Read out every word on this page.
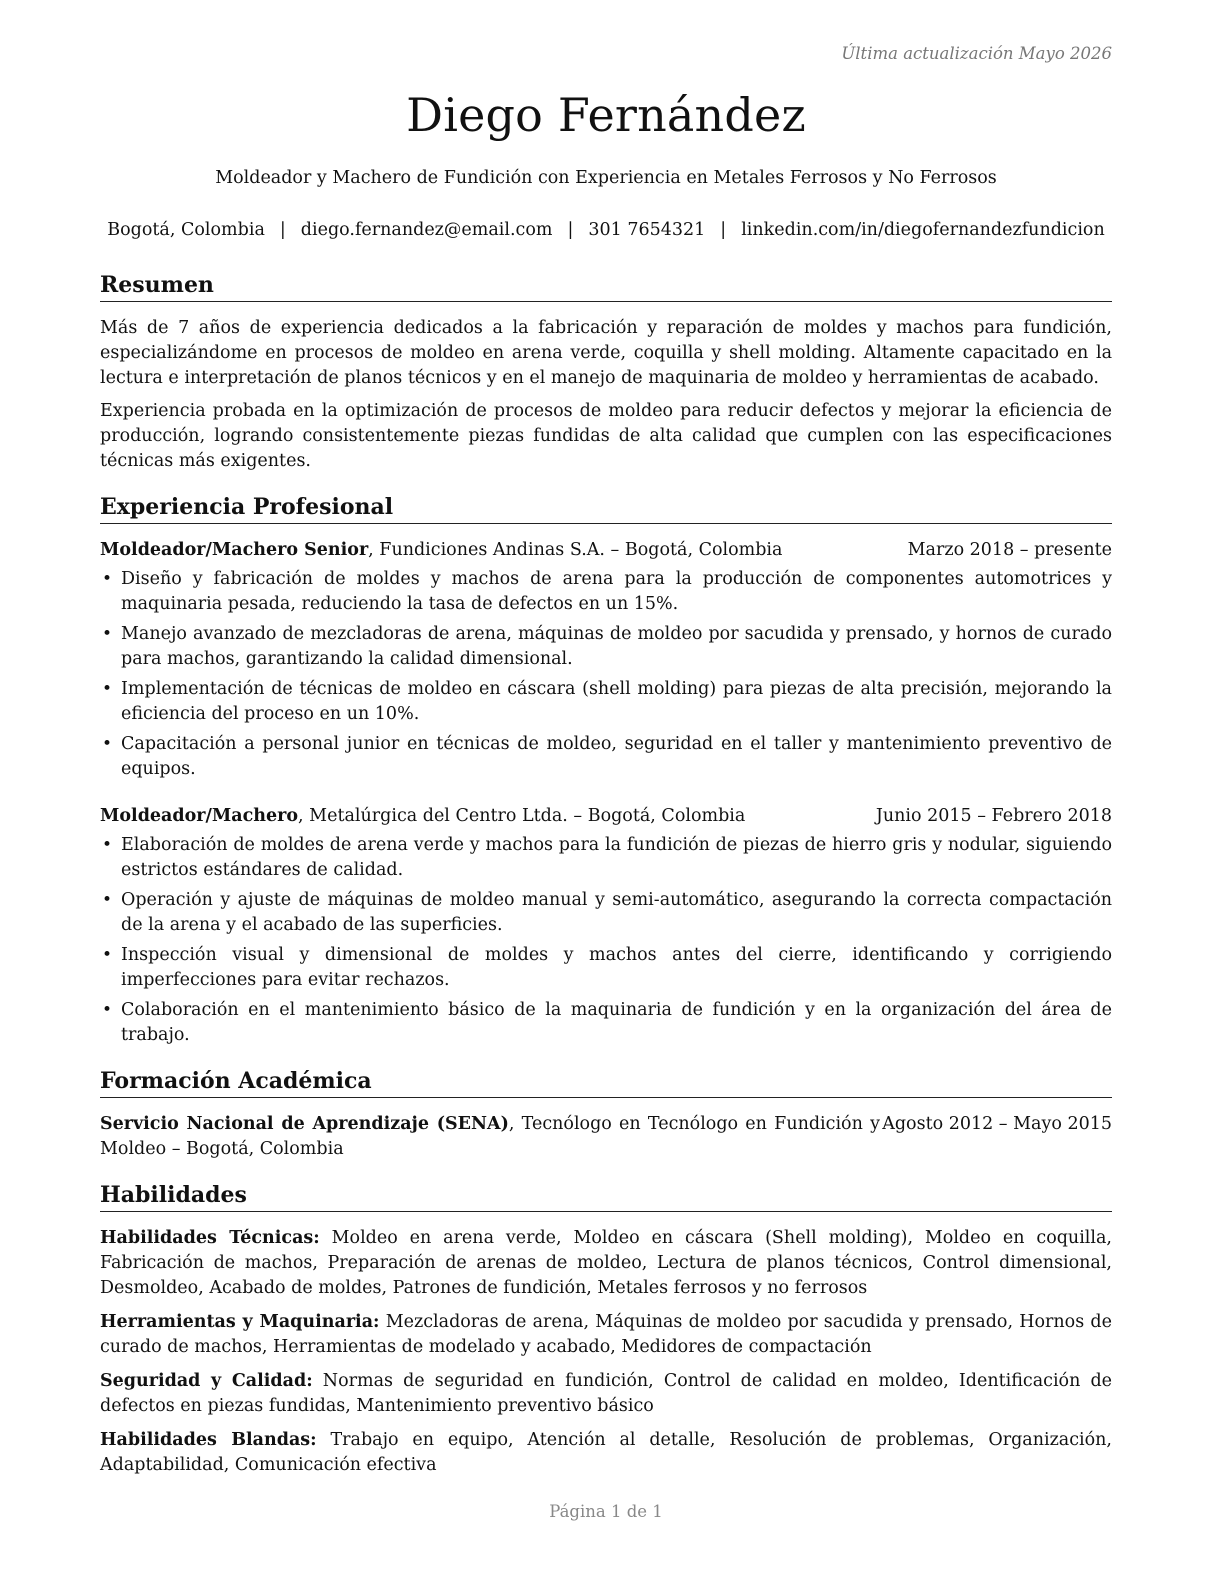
Última actualización Mayo 2026
Diego Fernández
Moldeador y Machero de Fundición con Experiencia en Metales Ferrosos y No Ferrosos
Bogotá, Colombia | diego.fernandez@email.com | 301 7654321 | linkedin.com/in/diegofernandezfundicion
Resumen

Más de 7 años de experiencia dedicados a la fabricación y reparación de moldes y machos para fundición, especializándome en procesos de moldeo en arena verde, coquilla y shell molding. Altamente capacitado en la lectura e interpretación de planos técnicos y en el manejo de maquinaria de moldeo y herramientas de acabado.

Experiencia probada en la optimización de procesos de moldeo para reducir defectos y mejorar la eficiencia de producción, logrando consistentemente piezas fundidas de alta calidad que cumplen con las especificaciones técnicas más exigentes.

Experiencia Profesional
Moldeador/Machero Senior, Fundiciones Andinas S.A. – Bogotá, Colombia	Marzo 2018 – presente
• Diseño y fabricación de moldes y machos de arena para la producción de componentes automotrices y maquinaria pesada, reduciendo la tasa de defectos en un 15%.
• Manejo avanzado de mezcladoras de arena, máquinas de moldeo por sacudida y prensado, y hornos de curado para machos, garantizando la calidad dimensional.
• Implementación de técnicas de moldeo en cáscara (shell molding) para piezas de alta precisión, mejorando la eficiencia del proceso en un 10%.
• Capacitación a personal junior en técnicas de moldeo, seguridad en el taller y mantenimiento preventivo de equipos.
Moldeador/Machero, Metalúrgica del Centro Ltda. – Bogotá, Colombia	Junio 2015 – Febrero 2018
• Elaboración de moldes de arena verde y machos para la fundición de piezas de hierro gris y nodular, siguiendo estrictos estándares de calidad.
• Operación y ajuste de máquinas de moldeo manual y semi-automático, asegurando la correcta compactación de la arena y el acabado de las superficies.
• Inspección visual y dimensional de moldes y machos antes del cierre, identificando y corrigiendo imperfecciones para evitar rechazos.
• Colaboración en el mantenimiento básico de la maquinaria de fundición y en la organización del área de trabajo.
Formación Académica
Servicio Nacional de Aprendizaje (SENA), Tecnólogo en Tecnólogo en Fundición y Moldeo – Bogotá, Colombia
Agosto 2012 – Mayo 2015
Habilidades

Habilidades Técnicas: Moldeo en arena verde, Moldeo en cáscara (Shell molding), Moldeo en coquilla, Fabricación de machos, Preparación de arenas de moldeo, Lectura de planos técnicos, Control dimensional, Desmoldeo, Acabado de moldes, Patrones de fundición, Metales ferrosos y no ferrosos

Herramientas y Maquinaria: Mezcladoras de arena, Máquinas de moldeo por sacudida y prensado, Hornos de curado de machos, Herramientas de modelado y acabado, Medidores de compactación

Seguridad y Calidad: Normas de seguridad en fundición, Control de calidad en moldeo, Identificación de defectos en piezas fundidas, Mantenimiento preventivo básico

Habilidades Blandas: Trabajo en equipo, Atención al detalle, Resolución de problemas, Organización, Adaptabilidad, Comunicación efectiva

Página 1 de 1
